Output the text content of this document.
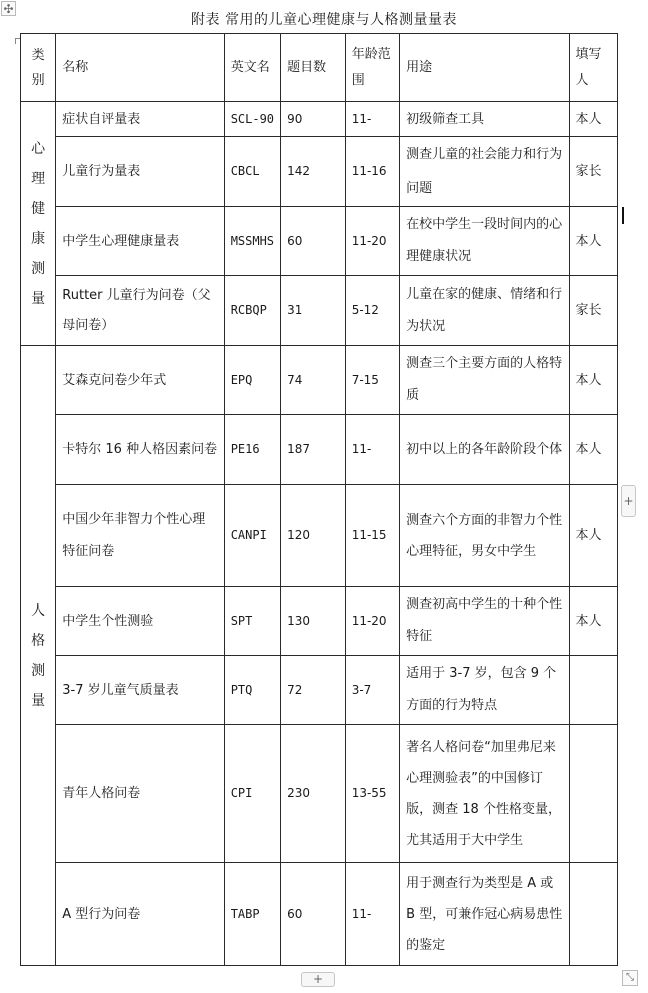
附表 常用的儿童心理健康与人格测量量表
✣
+
+	⤡
类别	名称	英文名	题目数	年龄范围	用途	填写人

心理健康测量	症状自评量表	SCL-90	90	11-	初级筛查工具	本人
	儿童行为量表	CBCL	142	11-16	测查儿童的社会能力和行为问题	家长
	中学生心理健康量表	MSSMHS	60	11-20	在校中学生一段时间内的心理健康状况	本人
	Rutter 儿童行为问卷（父母问卷）	RCBQP	31	5-12	儿童在家的健康、情绪和行为状况	家长

人格测量	艾森克问卷少年式	EPQ	74	7-15	测查三个主要方面的人格特质	本人
	卡特尔 16 种人格因素问卷	PE16	187	11-	初中以上的各年龄阶段个体	本人
	中国少年非智力个性心理特征问卷	CANPI	120	11-15	测查六个方面的非智力个性心理特征，男女中学生	本人
	中学生个性测验	SPT	130	11-20	测查初高中学生的十种个性特征	本人
	3-7 岁儿童气质量表	PTQ	72	3-7	适用于 3-7 岁，包含 9 个方面的行为特点	
	青年人格问卷	CPI	230	13-55	著名人格问卷“加里弗尼来心理测验表”的中国修订版，测查 18 个性格变量，尤其适用于大中学生	
	A 型行为问卷	TABP	60	11-	用于测查行为类型是 A 或 B 型，可兼作冠心病易患性的鉴定	
